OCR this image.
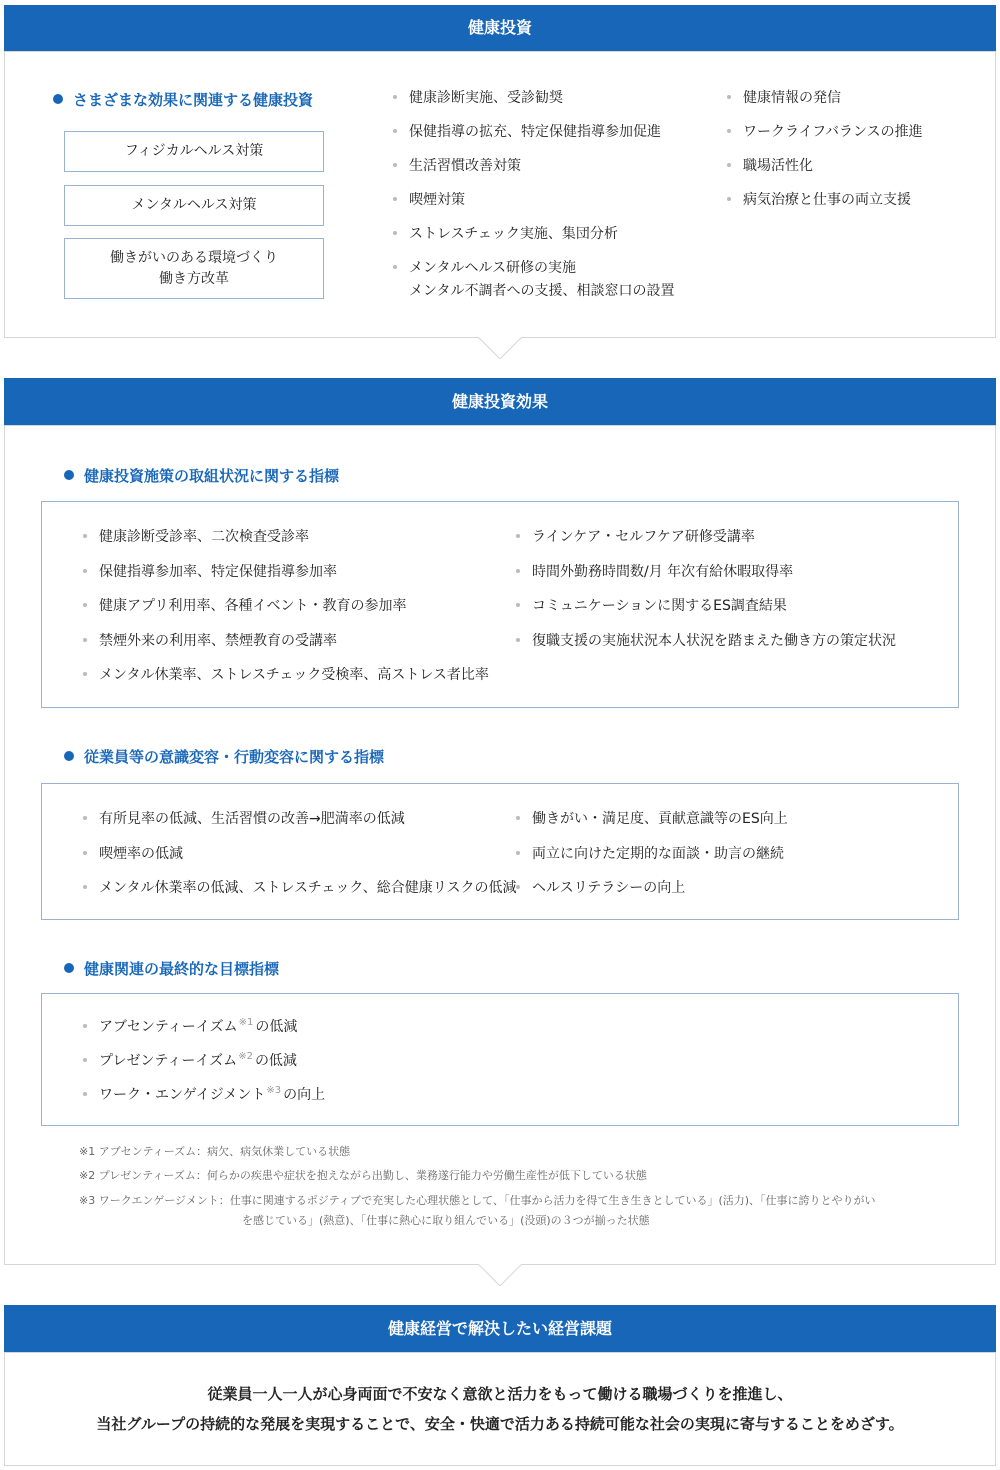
健康投資
さまざまな効果に関連する健康投資
フィジカルヘルス対策
メンタルヘルス対策
働きがいのある環境づくり
働き方改革
健康診断実施、受診勧奨
保健指導の拡充、特定保健指導参加促進
生活習慣改善対策
喫煙対策
ストレスチェック実施、集団分析
メンタルヘルス研修の実施
メンタル不調者への支援、相談窓口の設置
健康情報の発信
ワークライフバランスの推進
職場活性化
病気治療と仕事の両立支援
健康投資効果
健康投資施策の取組状況に関する指標
健康診断受診率、二次検査受診率
保健指導参加率、特定保健指導参加率
健康アプリ利用率、各種イベント・教育の参加率
禁煙外来の利用率、禁煙教育の受講率
メンタル休業率、ストレスチェック受検率、高ストレス者比率
ラインケア・セルフケア研修受講率
時間外勤務時間数/月 年次有給休暇取得率
コミュニケーションに関するES調査結果
復職支援の実施状況本人状況を踏まえた働き方の策定状況
従業員等の意識変容・行動変容に関する指標
有所見率の低減、生活習慣の改善→肥満率の低減
喫煙率の低減
メンタル休業率の低減、ストレスチェック、総合健康リスクの低減
働きがい・満足度、貢献意識等のES向上
両立に向けた定期的な面談・助言の継続
ヘルスリテラシーの向上
健康関連の最終的な目標指標
アブセンティーイズム$^{※1}$ の低減
プレゼンティーイズム$^{※2}$ の低減
ワーク・エンゲイジメント$^{※3}$ の向上
※1 アブセンティーズム：病欠、病気休業している状態
※2 プレゼンティーズム：何らかの疾患や症状を抱えながら出勤し、業務遂行能力や労働生産性が低下している状態
※3 ワークエンゲージメント：仕事に関連するポジティブで充実した心理状態として、「仕事から活力を得て生き生きとしている」(活力)、「仕事に誇りとやりがい
を感じている」(熱意)、「仕事に熱心に取り組んでいる」(没頭)の３つが揃った状態
健康経営で解決したい経営課題
従業員一人一人が心身両面で不安なく意欲と活力をもって働ける職場づくりを推進し、
当社グループの持続的な発展を実現することで、安全・快適で活力ある持続可能な社会の実現に寄与することをめざす。
